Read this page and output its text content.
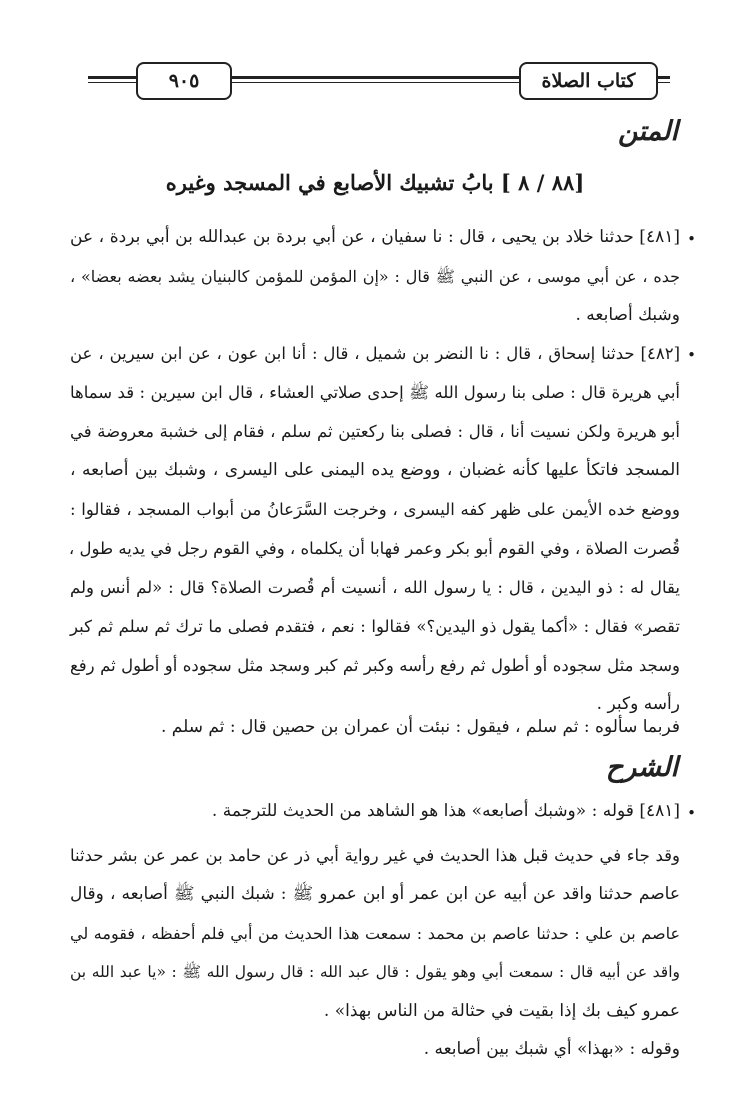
كتاب الصلاة
٩٠٥
المتن
[٨٨ / ٨ ] بابُ تشبيك الأصابع في المسجد وغيره
•
[٤٨١] حدثنا خلاد بن يحيى ، قال : نا سفيان ، عن أبي بردة بن عبدالله بن أبي بردة ، عن
جده ، عن أبي موسى ، عن النبي ﷺ قال : «إن المؤمن للمؤمن كالبنيان يشد بعضه بعضا» ،
وشبك أصابعه .
•
[٤٨٢] حدثنا إسحاق ، قال : نا النضر بن شميل ، قال : أنا ابن عون ، عن ابن سيرين ، عن
أبي هريرة قال : صلى بنا رسول الله ﷺ إحدى صلاتي العشاء ، قال ابن سيرين : قد سماها
أبو هريرة ولكن نسيت أنا ، قال : فصلى بنا ركعتين ثم سلم ، فقام إلى خشبة معروضة في
المسجد فاتكأ عليها كأنه غضبان ، ووضع يده اليمنى على اليسرى ، وشبك بين أصابعه ،
ووضع خده الأيمن على ظهر كفه اليسرى ، وخرجت السَّرَعانُ من أبواب المسجد ، فقالوا :
قُصرت الصلاة ، وفي القوم أبو بكر وعمر فهابا أن يكلماه ، وفي القوم رجل في يديه طول ،
يقال له : ذو اليدين ، قال : يا رسول الله ، أنسيت أم قُصرت الصلاة؟ قال : «لم أنس ولم
تقصر» فقال : «أكما يقول ذو اليدين؟» فقالوا : نعم ، فتقدم فصلى ما ترك ثم سلم ثم كبر
وسجد مثل سجوده أو أطول ثم رفع رأسه وكبر ثم كبر وسجد مثل سجوده أو أطول ثم رفع
رأسه وكبر .
فربما سألوه : ثم سلم ، فيقول : نبئت أن عمران بن حصين قال : ثم سلم .
الشرح
•
[٤٨١] قوله : «وشبك أصابعه» هذا هو الشاهد من الحديث للترجمة .
وقد جاء في حديث قبل هذا الحديث في غير رواية أبي ذر عن حامد بن عمر عن بشر حدثنا
عاصم حدثنا واقد عن أبيه عن ابن عمر أو ابن عمرو ﷺ : شبك النبي ﷺ أصابعه ، وقال
عاصم بن علي : حدثنا عاصم بن محمد : سمعت هذا الحديث من أبي فلم أحفظه ، فقومه لي
واقد عن أبيه قال : سمعت أبي وهو يقول : قال عبد الله : قال رسول الله ﷺ : «يا عبد الله بن
عمرو كيف بك إذا بقيت في حثالة من الناس بهذا» .
وقوله : «بهذا» أي شبك بين أصابعه .
